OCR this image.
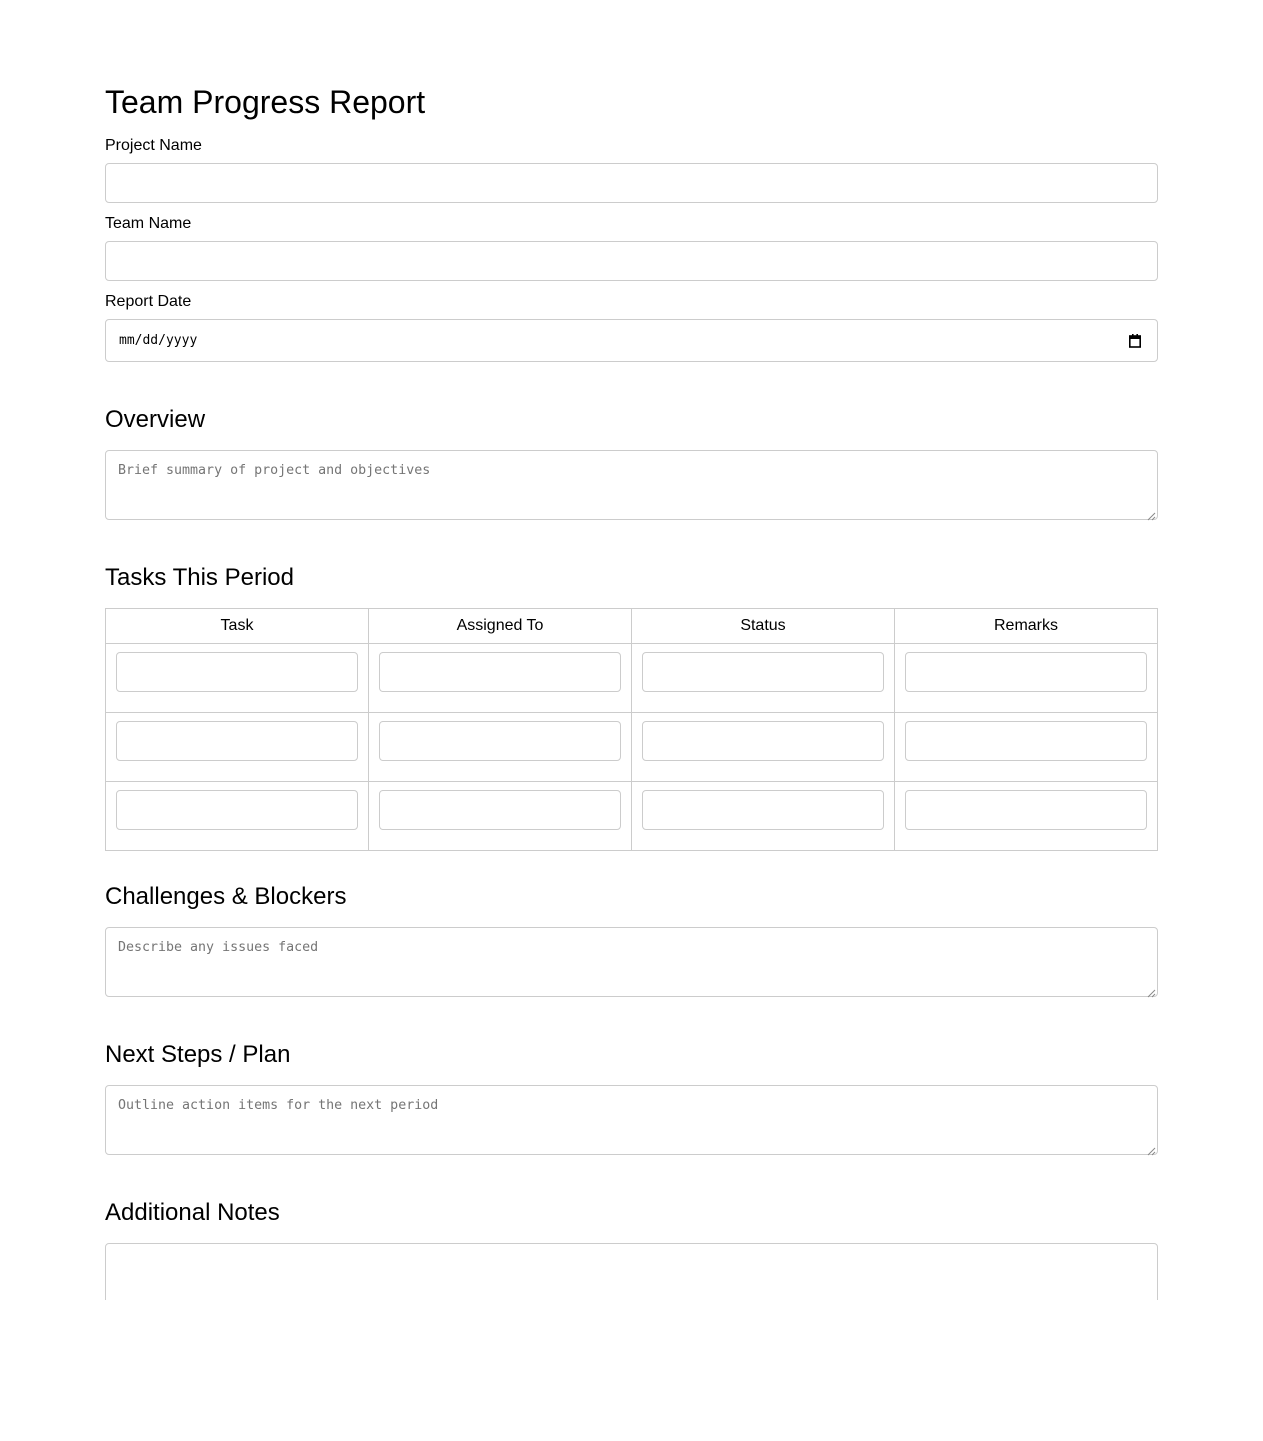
Team Progress Report
Project Name
Team Name
Report Date
mm/dd/yyyy
Overview
Brief summary of project and objectives
Tasks This Period
Task	Assigned To	Status	Remarks

Challenges & Blockers
Describe any issues faced
Next Steps / Plan
Outline action items for the next period
Additional Notes
